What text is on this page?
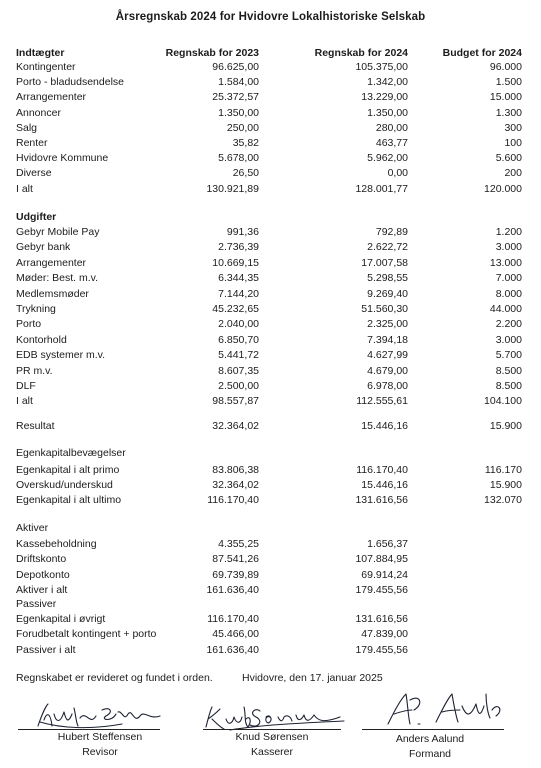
Årsregnskab 2024 for Hvidovre Lokalhistoriske Selskab
Indtægter	Regnskab for 2023	Regnskab for 2024	Budget for 2024
Kontingenter	96.625,00	105.375,00	96.000
Porto - bladudsendelse	1.584,00	1.342,00	1.500
Arrangementer	25.372,57	13.229,00	15.000
Annoncer	1.350,00	1.350,00	1.300
Salg	250,00	280,00	300
Renter	35,82	463,77	100
Hvidovre Kommune	5.678,00	5.962,00	5.600
Diverse	26,50	0,00	200
I alt	130.921,89	128.001,77	120.000
Udgifter
Gebyr Mobile Pay	991,36	792,89	1.200
Gebyr bank	2.736,39	2.622,72	3.000
Arrangementer	10.669,15	17.007,58	13.000
Møder: Best. m.v.	6.344,35	5.298,55	7.000
Medlemsmøder	7.144,20	9.269,40	8.000
Trykning	45.232,65	51.560,30	44.000
Porto	2.040,00	2.325,00	2.200
Kontorhold	6.850,70	7.394,18	3.000
EDB systemer m.v.	5.441,72	4.627,99	5.700
PR m.v.	8.607,35	4.679,00	8.500
DLF	2.500,00	6.978,00	8.500
I alt	98.557,87	112.555,61	104.100
Resultat	32.364,02	15.446,16	15.900
Egenkapitalbevægelser
Egenkapital i alt primo	83.806,38	116.170,40	116.170
Overskud/underskud	32.364,02	15.446,16	15.900
Egenkapital i alt ultimo	116.170,40	131.616,56	132.070
Aktiver
Kassebeholdning	4.355,25	1.656,37
Driftskonto	87.541,26	107.884,95
Depotkonto	69.739,89	69.914,24
Aktiver i alt	161.636,40	179.455,56
Passiver
Egenkapital i øvrigt	116.170,40	131.616,56
Forudbetalt kontingent + porto	45.466,00	47.839,00
Passiver i alt	161.636,40	179.455,56
Regnskabet er revideret og fundet i orden.	Hvidovre, den 17. januar 2025
Hubert Steffensen
Revisor
Knud Sørensen
Kasserer
Anders Aalund
Formand
